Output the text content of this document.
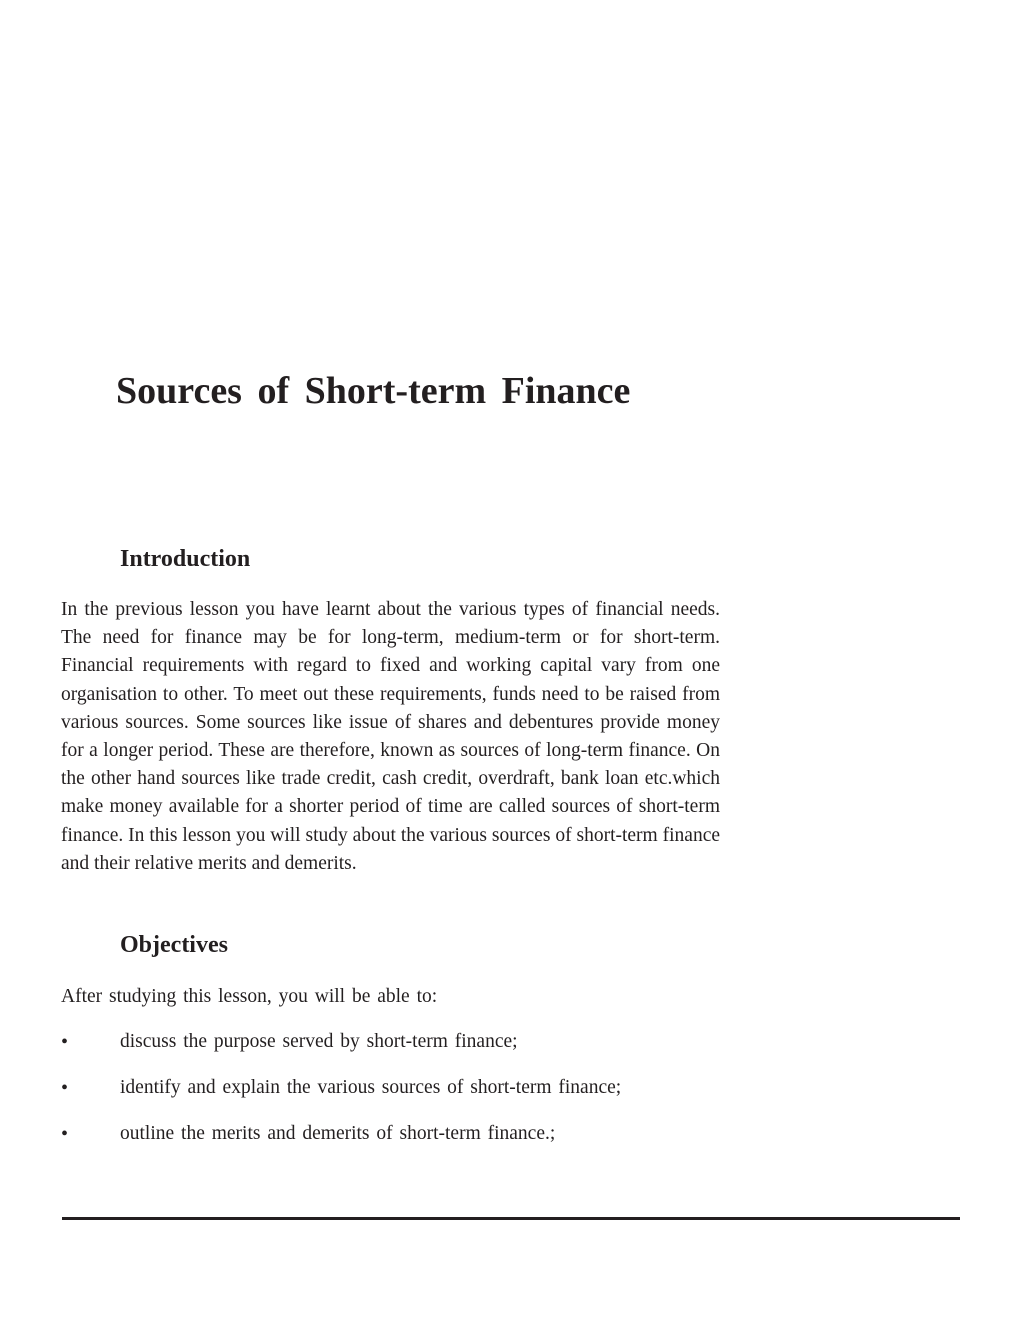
Sources of Short-term Finance
Introduction

In the previous lesson you have learnt about the various types of financial needs. The need for finance may be for long-term, medium-term or for short-term. Financial requirements with regard to fixed and working capital vary from one organisation to other. To meet out these requirements, funds need to be raised from various sources. Some sources like issue of shares and debentures provide money for a longer period. These are therefore, known as sources of long-term finance. On the other hand sources like trade credit, cash credit, overdraft, bank loan etc.which make money available for a shorter period of time are called sources of short-term finance. In this lesson you will study about the various sources of short-term finance and their relative merits and demerits.

Objectives

After studying this lesson, you will be able to:

•	discuss the purpose served by short-term finance;
•	identify and explain the various sources of short-term finance;
•	outline the merits and demerits of short-term finance.;
